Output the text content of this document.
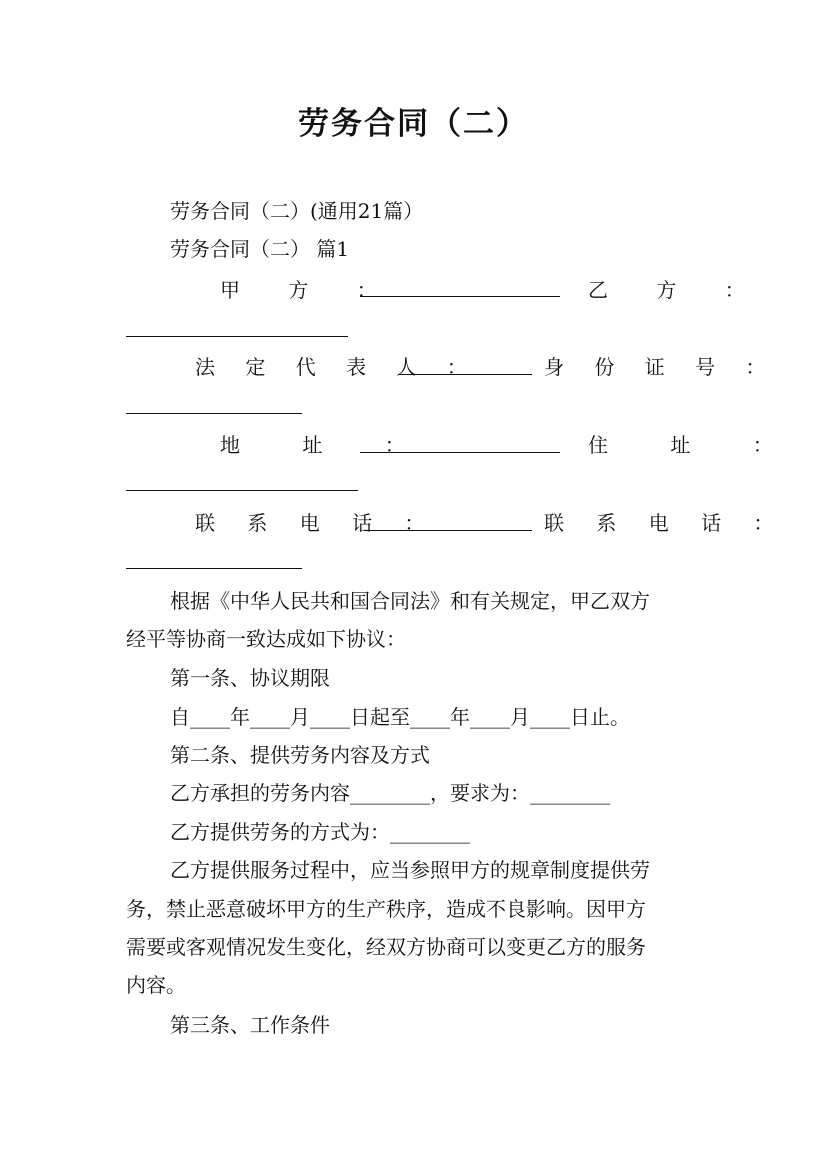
劳务合同（二）
劳务合同（二）(通用21篇）
劳务合同（二） 篇1
甲 方 ：	乙 方 ：
法 定 代 表 人 ：	身 份 证 号 ：
地 址 ：	住 址 ：
联 系 电 话 ：	联 系 电 话 ：
根据《中华人民共和国合同法》和有关规定，甲乙双方
经平等协商一致达成如下协议：
第一条、协议期限
自____年____月____日起至____年____月____日止。
第二条、提供劳务内容及方式
乙方承担的劳务内容________，要求为：________
乙方提供劳务的方式为：________
乙方提供服务过程中，应当参照甲方的规章制度提供劳
务，禁止恶意破坏甲方的生产秩序，造成不良影响。因甲方
需要或客观情况发生变化，经双方协商可以变更乙方的服务
内容。
第三条、工作条件
